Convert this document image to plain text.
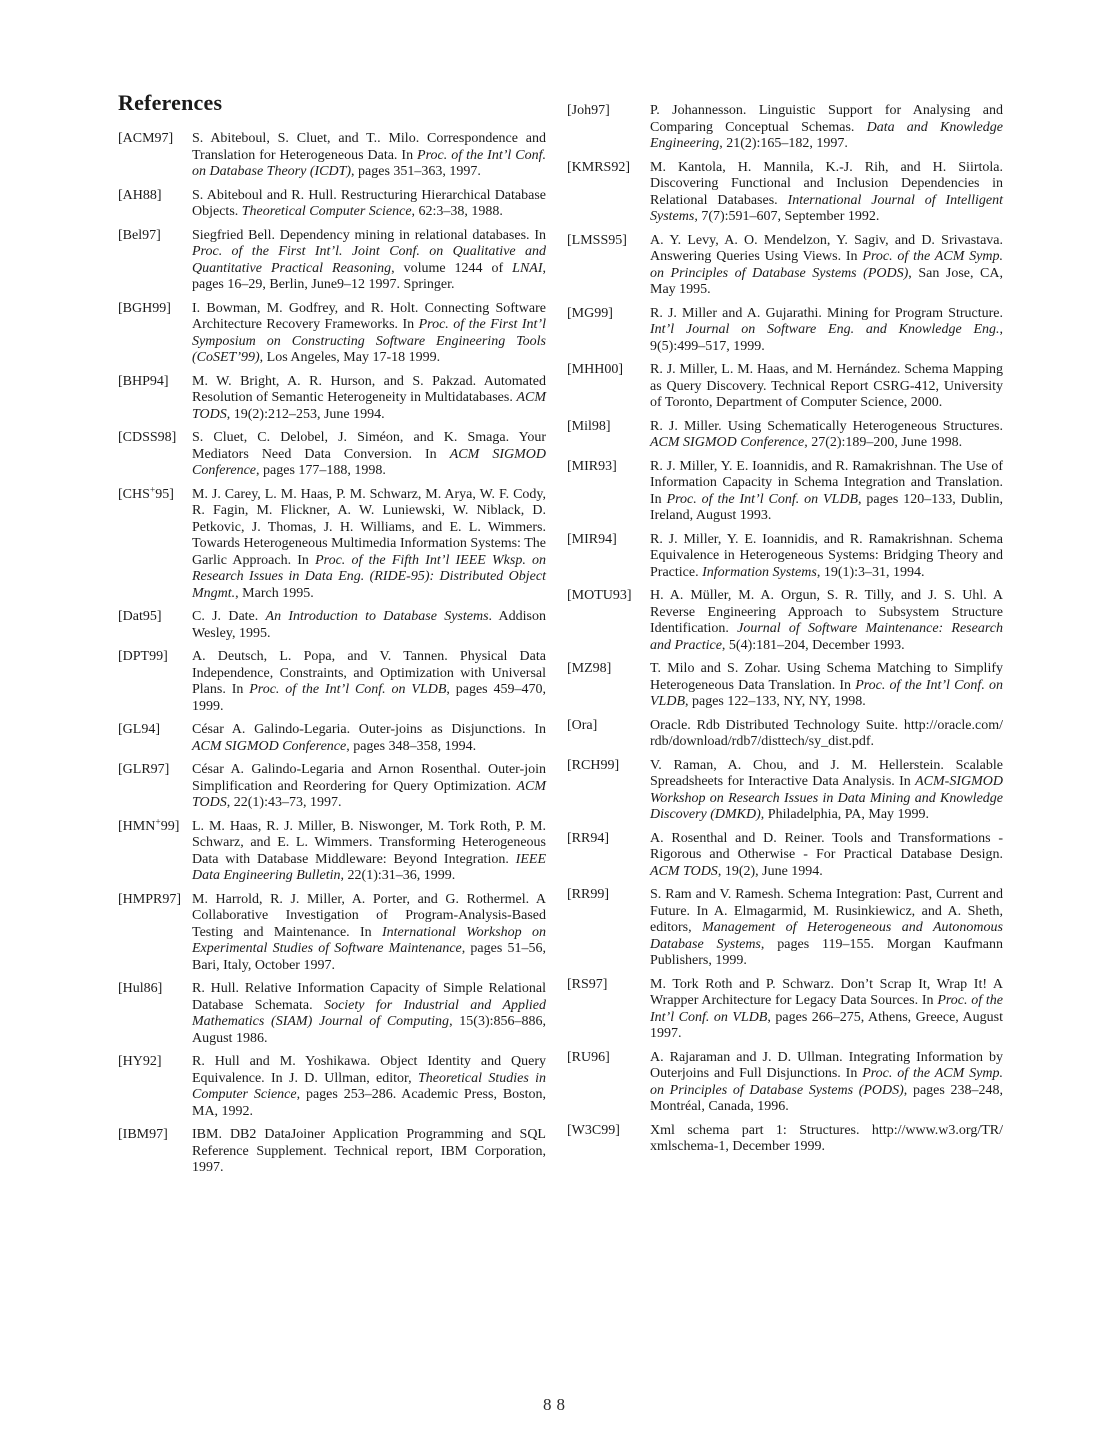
References
[ACM97]	S. Abiteboul, S. Cluet, and T.. Milo. Correspondence and Translation for Heterogeneous Data. In Proc. of the Int’l Conf. on Database Theory (ICDT), pages 351–363, 1997.
[AH88]	S. Abiteboul and R. Hull. Restructuring Hierarchical Database Objects. Theoretical Computer Science, 62:3–38, 1988.
[Bel97]	Siegfried Bell. Dependency mining in relational databases. In Proc. of the First Int’l. Joint Conf. on Qualitative and Quantitative Practical Reasoning, volume 1244 of LNAI, pages 16–29, Berlin, June9–12 1997. Springer.
[BGH99]	I. Bowman, M. Godfrey, and R. Holt. Connecting Software Architecture Recovery Frameworks. In Proc. of the First Int’l Symposium on Constructing Software Engineering Tools (CoSET’99), Los Angeles, May 17-18 1999.
[BHP94]	M. W. Bright, A. R. Hurson, and S. Pakzad. Automated Resolution of Semantic Heterogeneity in Multidatabases. ACM TODS, 19(2):212–253, June 1994.
[CDSS98]	S. Cluet, C. Delobel, J. Siméon, and K. Smaga. Your Mediators Need Data Conversion. In ACM SIGMOD Conference, pages 177–188, 1998.
[CHS+95]	M. J. Carey, L. M. Haas, P. M. Schwarz, M. Arya, W. F. Cody, R. Fagin, M. Flickner, A. W. Luniewski, W. Niblack, D. Petkovic, J. Thomas, J. H. Williams, and E. L. Wimmers. Towards Heterogeneous Multimedia Information Systems: The Garlic Approach. In Proc. of the Fifth Int’l IEEE Wksp. on Research Issues in Data Eng. (RIDE-95): Distributed Object Mngmt., March 1995.
[Dat95]	C. J. Date. An Introduction to Database Systems. Addison Wesley, 1995.
[DPT99]	A. Deutsch, L. Popa, and V. Tannen. Physical Data Independence, Constraints, and Optimization with Universal Plans. In Proc. of the Int’l Conf. on VLDB, pages 459–470, 1999.
[GL94]	César A. Galindo-Legaria. Outer-joins as Disjunctions. In ACM SIGMOD Conference, pages 348–358, 1994.
[GLR97]	César A. Galindo-Legaria and Arnon Rosenthal. Outer-join Simplification and Reordering for Query Optimization. ACM TODS, 22(1):43–73, 1997.
[HMN+99] L. M. Haas, R. J. Miller, B. Niswonger, M. Tork Roth, P. M. Schwarz, and E. L. Wimmers. Transforming Heterogeneous Data with Database Middleware: Beyond Integration. IEEE Data Engineering Bulletin, 22(1):31–36, 1999.
[HMPR97] M. Harrold, R. J. Miller, A. Porter, and G. Rothermel. A Collaborative Investigation of Program-Analysis-Based Testing and Maintenance. In International Workshop on Experimental Studies of Software Maintenance, pages 51–56, Bari, Italy, October 1997.
[Hul86]	R. Hull. Relative Information Capacity of Simple Relational Database Schemata. Society for Industrial and Applied Mathematics (SIAM) Journal of Computing, 15(3):856–886, August 1986.
[HY92]	R. Hull and M. Yoshikawa. Object Identity and Query Equivalence. In J. D. Ullman, editor, Theoretical Studies in Computer Science, pages 253–286. Academic Press, Boston, MA, 1992.
[IBM97]	IBM. DB2 DataJoiner Application Programming and SQL Reference Supplement. Technical report, IBM Corporation, 1997.
[Joh97]	P. Johannesson. Linguistic Support for Analysing and Comparing Conceptual Schemas. Data and Knowledge Engineering, 21(2):165–182, 1997.
[KMRS92]	M. Kantola, H. Mannila, K.-J. Rih, and H. Siirtola. Discovering Functional and Inclusion Dependencies in Relational Databases. International Journal of Intelligent Systems, 7(7):591–607, September 1992.
[LMSS95]	A. Y. Levy, A. O. Mendelzon, Y. Sagiv, and D. Srivastava. Answering Queries Using Views. In Proc. of the ACM Symp. on Principles of Database Systems (PODS), San Jose, CA, May 1995.
[MG99]	R. J. Miller and A. Gujarathi. Mining for Program Structure. Int’l Journal on Software Eng. and Knowledge Eng., 9(5):499–517, 1999.
[MHH00]	R. J. Miller, L. M. Haas, and M. Hernández. Schema Mapping as Query Discovery. Technical Report CSRG-412, University of Toronto, Department of Computer Science, 2000.
[Mil98]	R. J. Miller. Using Schematically Heterogeneous Structures. ACM SIGMOD Conference, 27(2):189–200, June 1998.
[MIR93]	R. J. Miller, Y. E. Ioannidis, and R. Ramakrishnan. The Use of Information Capacity in Schema Integration and Translation. In Proc. of the Int’l Conf. on VLDB, pages 120–133, Dublin, Ireland, August 1993.
[MIR94]	R. J. Miller, Y. E. Ioannidis, and R. Ramakrishnan. Schema Equivalence in Heterogeneous Systems: Bridging Theory and Practice. Information Systems, 19(1):3–31, 1994.
[MOTU93]	H. A. Müller, M. A. Orgun, S. R. Tilly, and J. S. Uhl. A Reverse Engineering Approach to Subsystem Structure Identification. Journal of Software Maintenance: Research and Practice, 5(4):181–204, December 1993.
[MZ98]	T. Milo and S. Zohar. Using Schema Matching to Simplify Heterogeneous Data Translation. In Proc. of the Int’l Conf. on VLDB, pages 122–133, NY, NY, 1998.
[Ora]	Oracle. Rdb Distributed Technology Suite. http://​oracle.com/​rdb/​download/​rdb7/​disttech/​sy_dist.pdf.
[RCH99]	V. Raman, A. Chou, and J. M. Hellerstein. Scalable Spreadsheets for Interactive Data Analysis. In ACM-SIGMOD Workshop on Research Issues in Data Mining and Knowledge Discovery (DMKD), Philadelphia, PA, May 1999.
[RR94]	A. Rosenthal and D. Reiner. Tools and Transformations - Rigorous and Otherwise - For Practical Database Design. ACM TODS, 19(2), June 1994.
[RR99]	S. Ram and V. Ramesh. Schema Integration: Past, Current and Future. In A. Elmagarmid, M. Rusinkiewicz, and A. Sheth, editors, Management of Heterogeneous and Autonomous Database Systems, pages 119–155. Morgan Kaufmann Publishers, 1999.
[RS97]	M. Tork Roth and P. Schwarz. Don’t Scrap It, Wrap It! A Wrapper Architecture for Legacy Data Sources. In Proc. of the Int’l Conf. on VLDB, pages 266–275, Athens, Greece, August 1997.
[RU96]	A. Rajaraman and J. D. Ullman. Integrating Information by Outerjoins and Full Disjunctions. In Proc. of the ACM Symp. on Principles of Database Systems (PODS), pages 238–248, Montréal, Canada, 1996.
[W3C99]	Xml schema part 1: Structures. http://​www.​w3.org/​TR/​xmlschema-1, December 1999.
88
